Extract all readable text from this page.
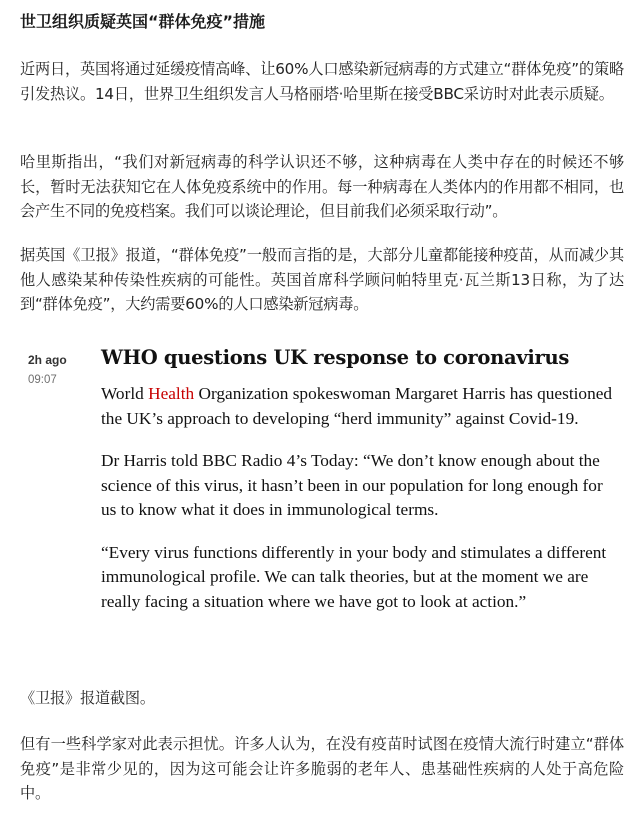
世卫组织质疑英国“群体免疫”措施

近两日，英国将通过延缓疫情高峰、让60%人口感染新冠病毒的方式建立“群体免疫”的策略引发热议。14日，世界卫生组织发言人马格丽塔·哈里斯在接受BBC采访时对此表示质疑。

哈里斯指出，“我们对新冠病毒的科学认识还不够，这种病毒在人类中存在的时候还不够长，暂时无法获知它在人体免疫系统中的作用。每一种病毒在人类体内的作用都不相同，也会产生不同的免疫档案。我们可以谈论理论，但目前我们必须采取行动”。

据英国《卫报》报道，“群体免疫”一般而言指的是，大部分儿童都能接种疫苗，从而减少其他人感染某种传染性疾病的可能性。英国首席科学顾问帕特里克·瓦兰斯13日称，为了达到“群体免疫”，大约需要60%的人口感染新冠病毒。

《卫报》报道截图。

但有一些科学家对此表示担忧。许多人认为，在没有疫苗时试图在疫情大流行时建立“群体免疫”是非常少见的，因为这可能会让许多脆弱的老年人、患基础性疾病的人处于高危险中。

2h ago
09:07
WHO questions UK response to coronavirus

World Health Organization spokeswoman Margaret Harris has questioned the UK’s approach to developing “herd immunity” against Covid-19.

Dr Harris told BBC Radio 4’s Today: “We don’t know enough about the science of this virus, it hasn’t been in our population for long enough for us to know what it does in immunological terms.

“Every virus functions differently in your body and stimulates a different immunological profile. We can talk theories, but at the moment we are really facing a situation where we have got to look at action.”
